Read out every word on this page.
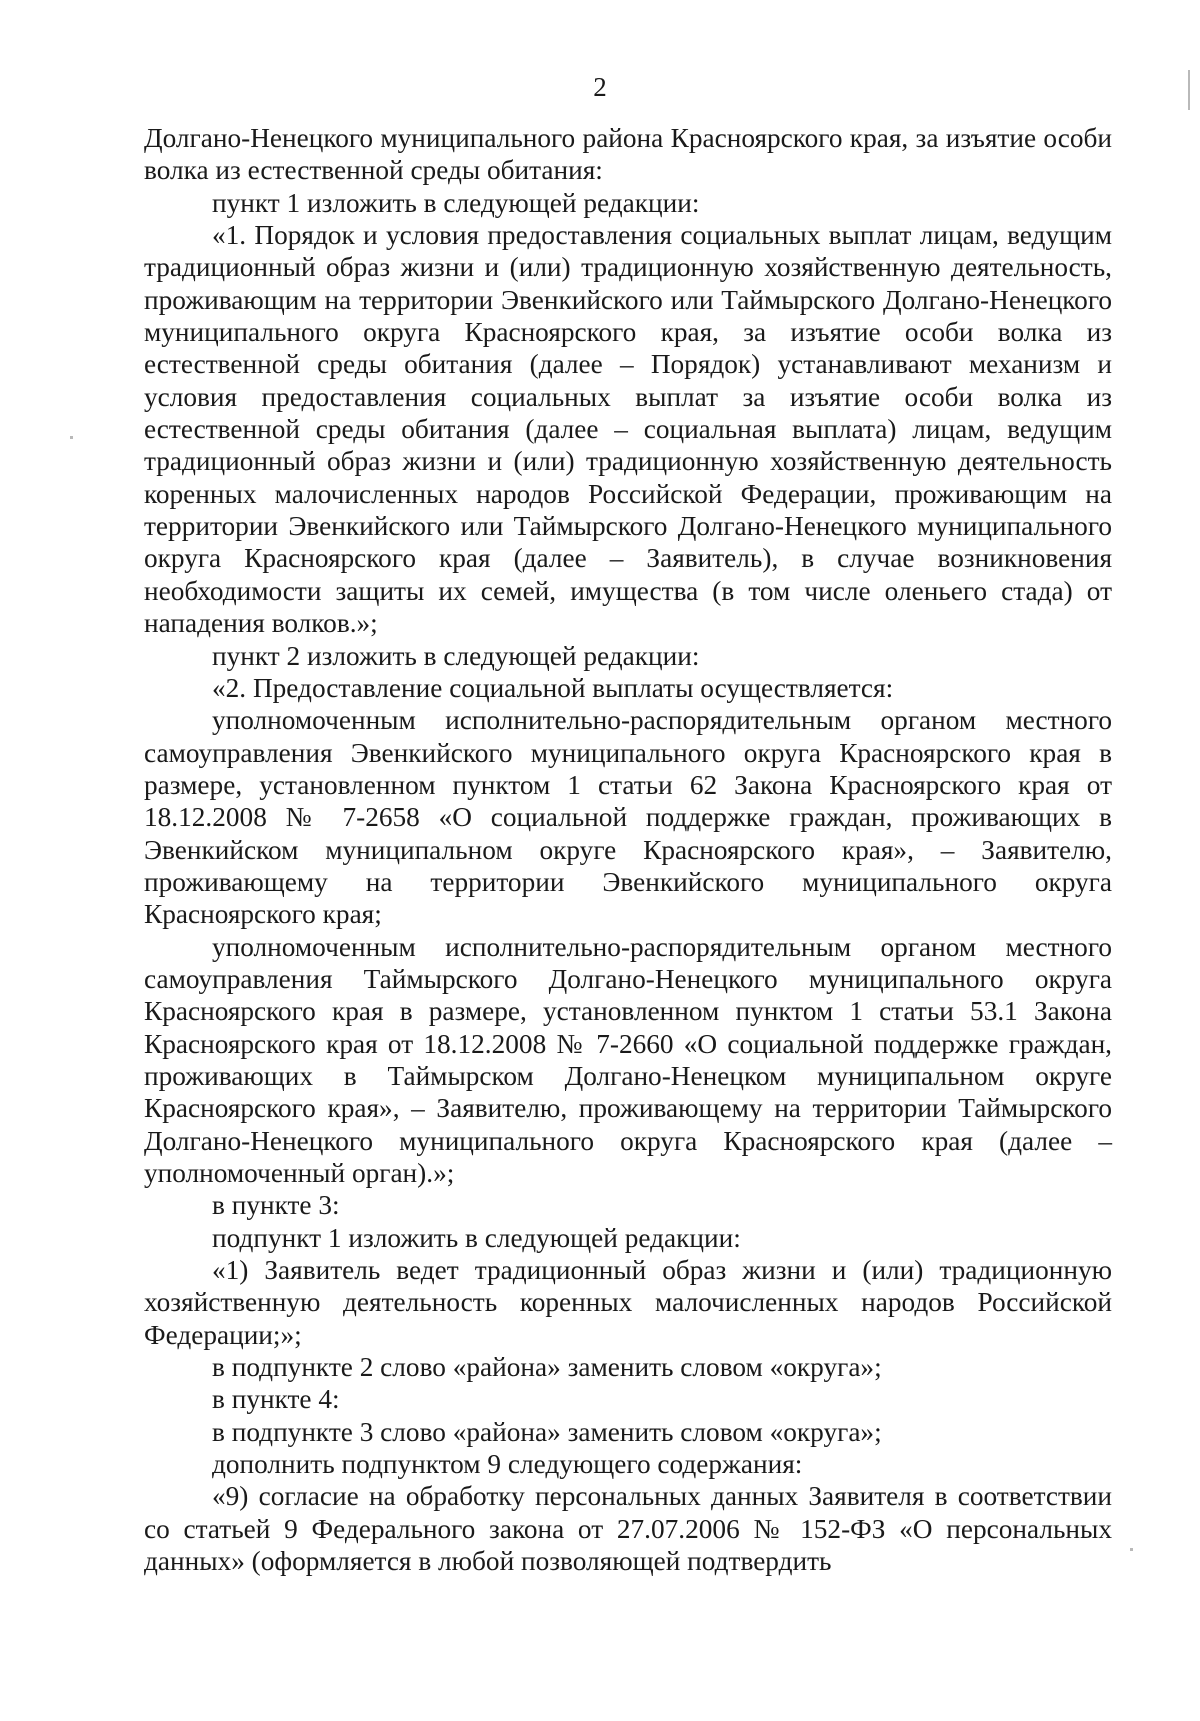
2

Долгано-Ненецкого муниципального района Красноярского края, за изъятие особи волка из естественной среды обитания:

пункт 1 изложить в следующей редакции:

«1. Порядок и условия предоставления социальных выплат лицам, ведущим традиционный образ жизни и (или) традиционную хозяйственную деятельность, проживающим на территории Эвенкийского или Таймырского Долгано-Ненецкого муниципального округа Красноярского края, за изъятие особи волка из естественной среды обитания (далее – Порядок) устанавливают механизм и условия предоставления социальных выплат за изъятие особи волка из естественной среды обитания (далее – социальная выплата) лицам, ведущим традиционный образ жизни и (или) традиционную хозяйственную деятельность коренных малочисленных народов Российской Федерации, проживающим на территории Эвенкийского или Таймырского Долгано-Ненецкого муниципального округа Красноярского края (далее – Заявитель), в случае возникновения необходимости защиты их семей, имущества (в том числе оленьего стада) от нападения волков.»;

пункт 2 изложить в следующей редакции:

«2. Предоставление социальной выплаты осуществляется:

уполномоченным исполнительно-распорядительным органом местного самоуправления Эвенкийского муниципального округа Красноярского края в размере, установленном пунктом 1 статьи 62 Закона Красноярского края от 18.12.2008 № 7-2658 «О социальной поддержке граждан, проживающих в Эвенкийском муниципальном округе Красноярского края», – Заявителю, проживающему на территории Эвенкийского муниципального округа Красноярского края;

уполномоченным исполнительно-распорядительным органом местного самоуправления Таймырского Долгано-Ненецкого муниципального округа Красноярского края в размере, установленном пунктом 1 статьи 53.1 Закона Красноярского края от 18.12.2008 № 7-2660 «О социальной поддержке граждан, проживающих в Таймырском Долгано-Ненецком муниципальном округе Красноярского края», – Заявителю, проживающему на территории Таймырского Долгано-Ненецкого муниципального округа Красноярского края (далее – уполномоченный орган).»;

в пункте 3:

подпункт 1 изложить в следующей редакции:

«1) Заявитель ведет традиционный образ жизни и (или) традиционную хозяйственную деятельность коренных малочисленных народов Российской Федерации;»;

в подпункте 2 слово «района» заменить словом «округа»;

в пункте 4:

в подпункте 3 слово «района» заменить словом «округа»;

дополнить подпунктом 9 следующего содержания:

«9) согласие на обработку персональных данных Заявителя в соответствии со статьей 9 Федерального закона от 27.07.2006 № 152-ФЗ «О персональных данных» (оформляется в любой позволяющей подтвердить
